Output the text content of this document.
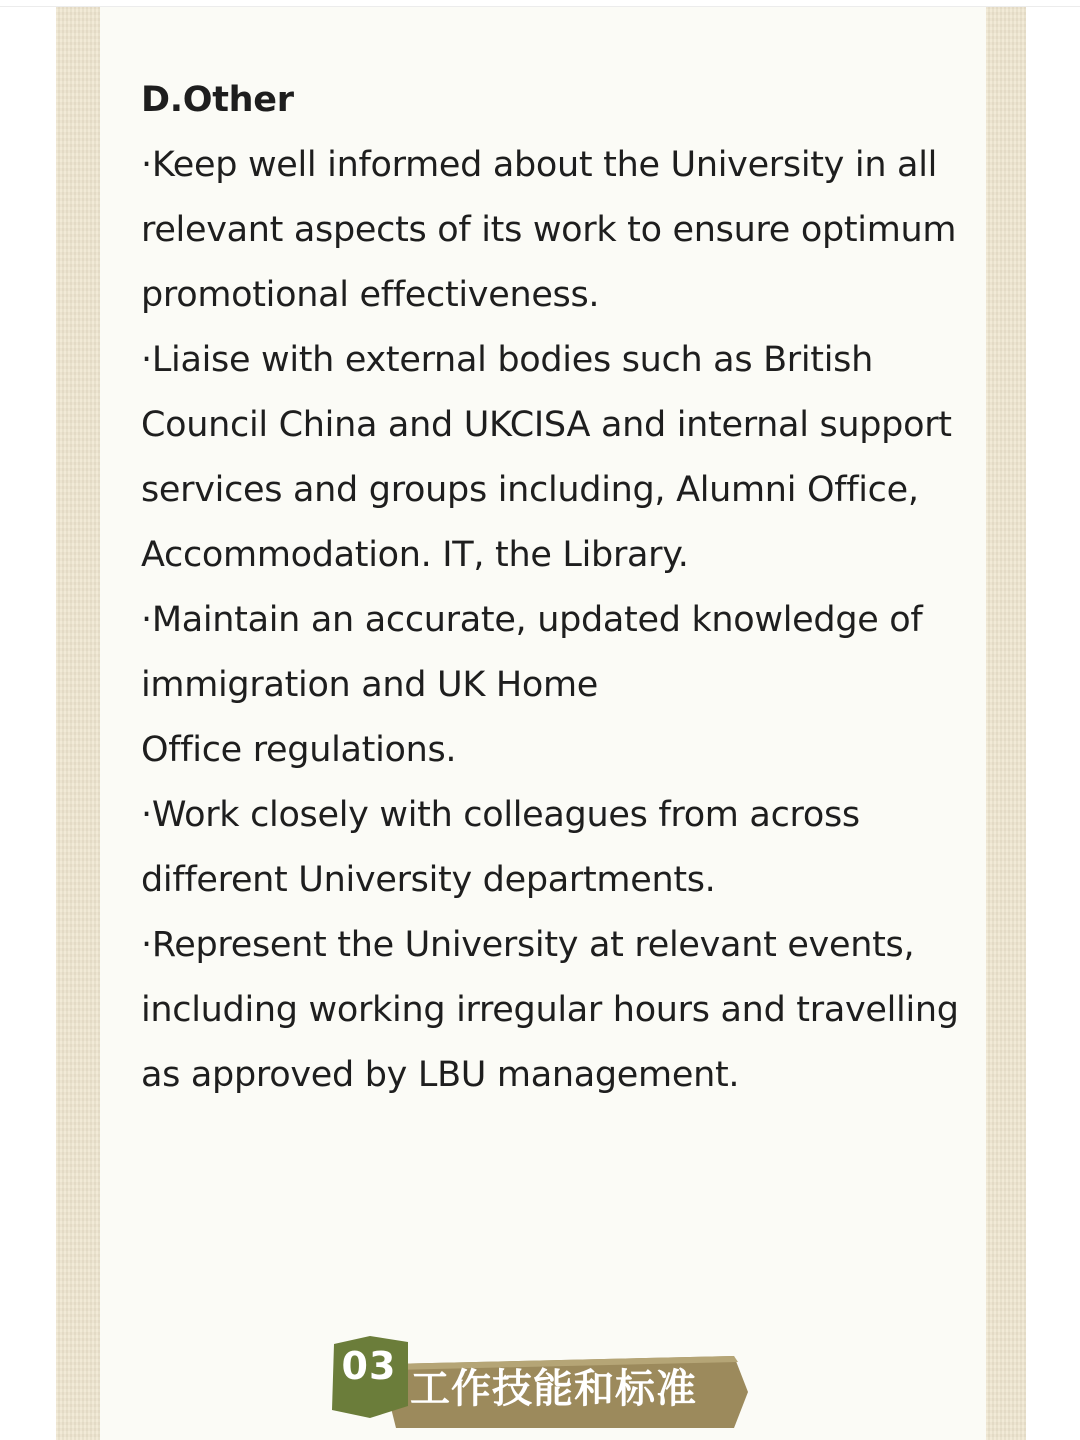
D.Other

·Keep well informed about the University in all relevant aspects of its work to ensure optimum promotional effectiveness.

·Liaise with external bodies such as British Council China and UKCISA and internal support services and groups including, Alumni Office, Accommodation. IT, the Library.

·Maintain an accurate, updated knowledge of immigration and UK Home

Office regulations.

·Work closely with colleagues from across different University departments.

·Represent the University at relevant events, including working irregular hours and travelling as approved by LBU management.

03 工作技能和标准
